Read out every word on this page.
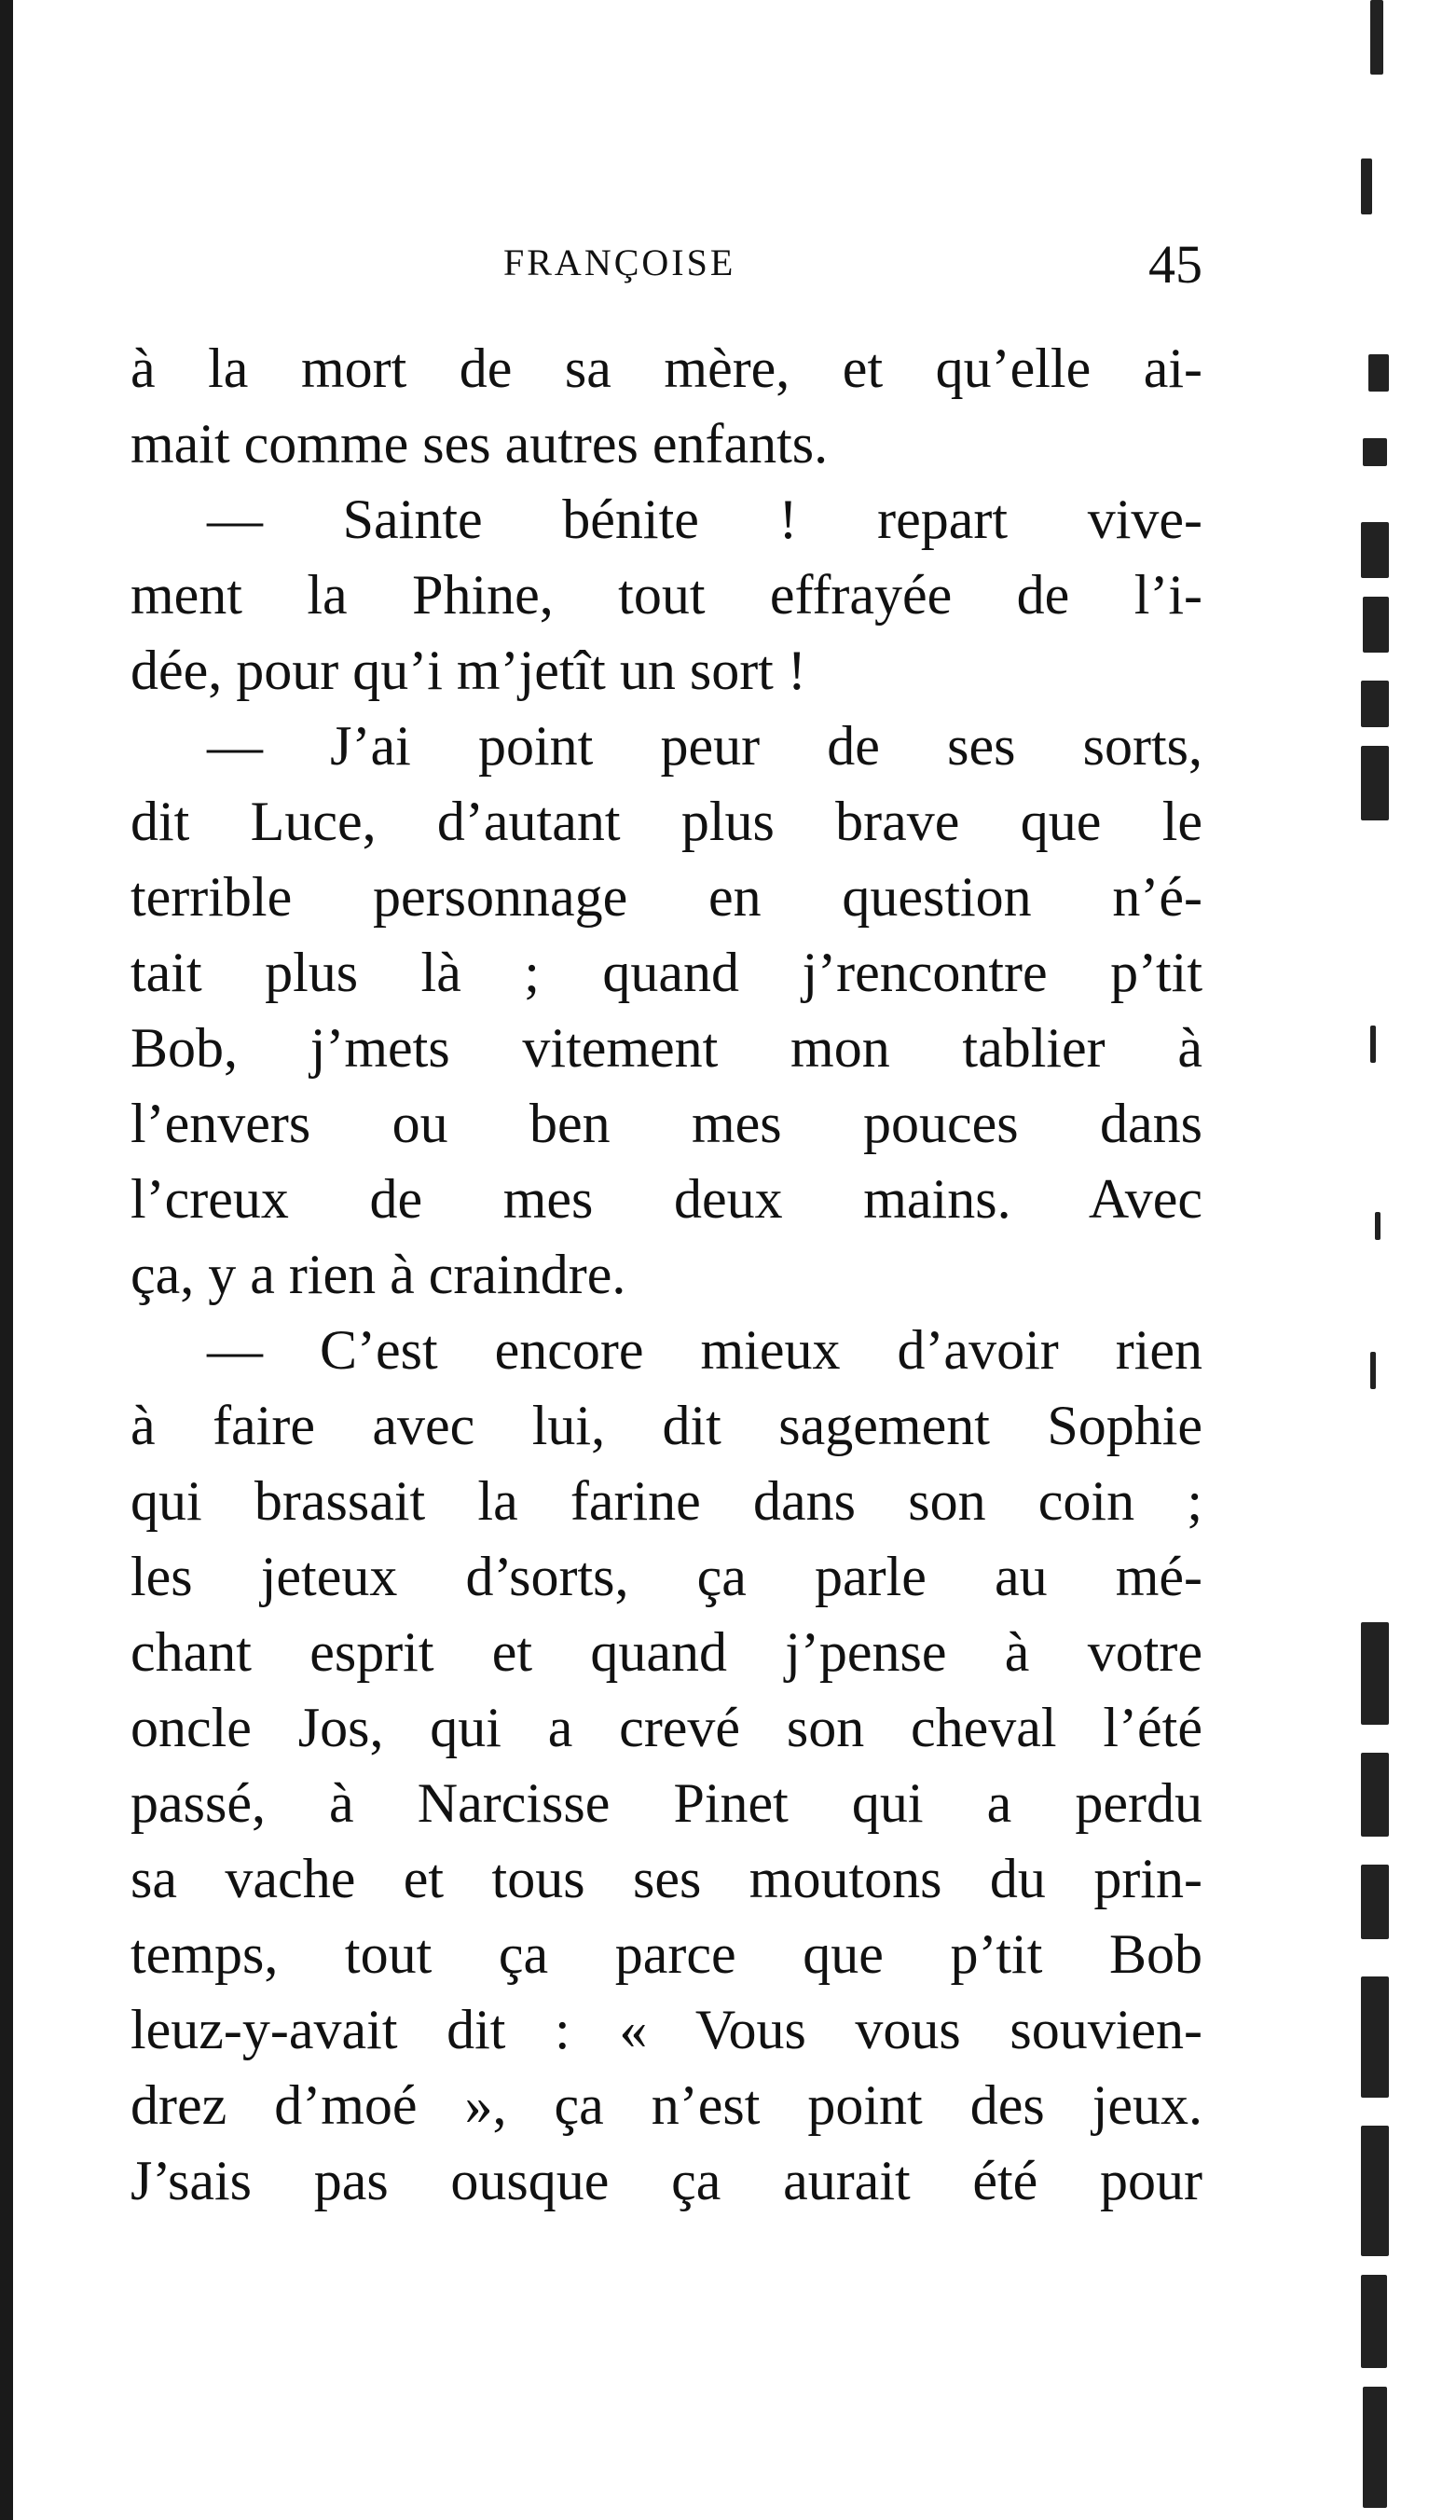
FRANÇOISE	45
à la mort de sa mère, et qu’elle ai-
mait comme ses autres enfants.
— Sainte bénite ! repart vive-
ment la Phine, tout effrayée de l’i-
dée, pour qu’i m’jetît un sort !
— J’ai point peur de ses sorts,
dit Luce, d’autant plus brave que le
terrible personnage en question n’é-
tait plus là ; quand j’rencontre p’tit
Bob, j’mets vitement mon tablier à
l’envers ou ben mes pouces dans
l’creux de mes deux mains. Avec
ça, y a rien à craindre.
— C’est encore mieux d’avoir rien
à faire avec lui, dit sagement Sophie
qui brassait la farine dans son coin ;
les jeteux d’sorts, ça parle au mé-
chant esprit et quand j’pense à votre
oncle Jos, qui a crevé son cheval l’été
passé, à Narcisse Pinet qui a perdu
sa vache et tous ses moutons du prin-
temps, tout ça parce que p’tit Bob
leuz-y-avait dit : « Vous vous souvien-
drez d’moé », ça n’est point des jeux.
J’sais pas ousque ça aurait été pour
